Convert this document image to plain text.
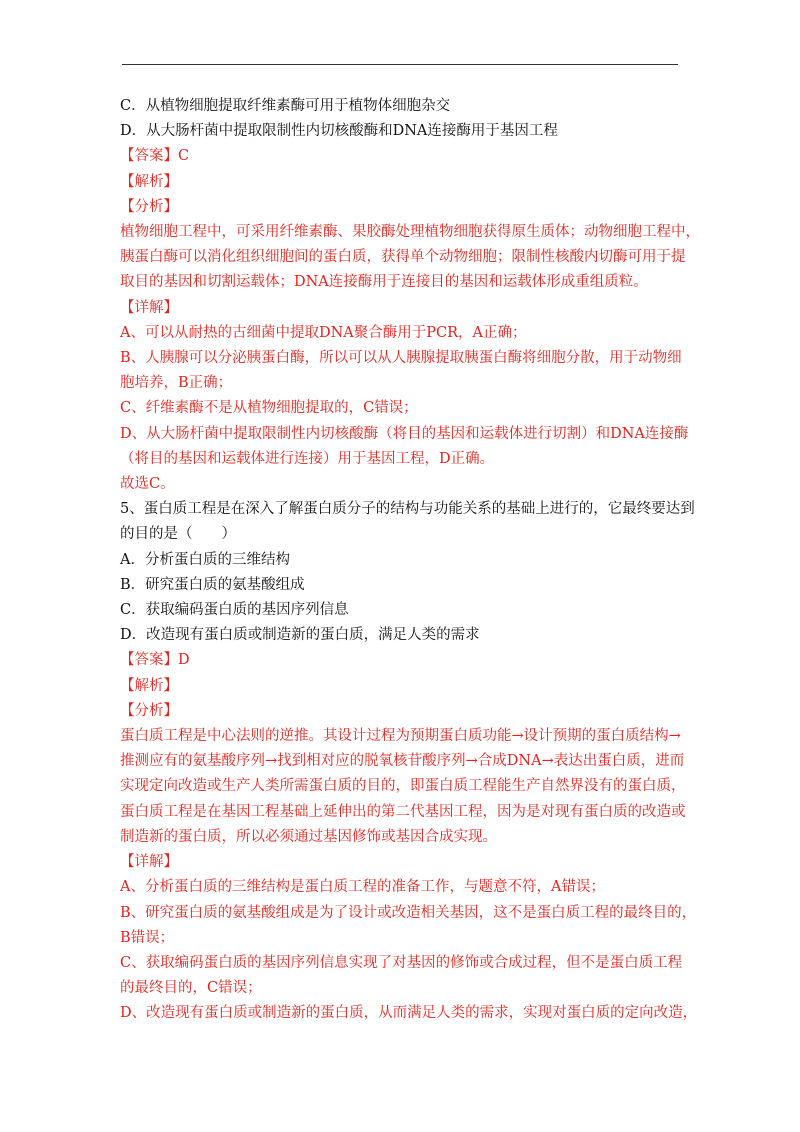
C．从植物细胞提取纤维素酶可用于植物体细胞杂交
D．从大肠杆菌中提取限制性内切核酸酶和DNA连接酶用于基因工程
【答案】C
【解析】
【分析】
植物细胞工程中，可采用纤维素酶、果胶酶处理植物细胞获得原生质体；动物细胞工程中，
胰蛋白酶可以消化组织细胞间的蛋白质，获得单个动物细胞；限制性核酸内切酶可用于提
取目的基因和切割运载体；DNA连接酶用于连接目的基因和运载体形成重组质粒。
【详解】
A、可以从耐热的古细菌中提取DNA聚合酶用于PCR，A正确；
B、人胰腺可以分泌胰蛋白酶，所以可以从人胰腺提取胰蛋白酶将细胞分散，用于动物细
胞培养，B正确；
C、纤维素酶不是从植物细胞提取的，C错误；
D、从大肠杆菌中提取限制性内切核酸酶（将目的基因和运载体进行切割）和DNA连接酶
（将目的基因和运载体进行连接）用于基因工程，D正确。
故选C。
5、蛋白质工程是在深入了解蛋白质分子的结构与功能关系的基础上进行的，它最终要达到
的目的是（　　）
A．分析蛋白质的三维结构
B．研究蛋白质的氨基酸组成
C．获取编码蛋白质的基因序列信息
D．改造现有蛋白质或制造新的蛋白质，满足人类的需求
【答案】D
【解析】
【分析】
蛋白质工程是中心法则的逆推。其设计过程为预期蛋白质功能→设计预期的蛋白质结构→
推测应有的氨基酸序列→找到相对应的脱氧核苷酸序列→合成DNA→表达出蛋白质，进而
实现定向改造或生产人类所需蛋白质的目的，即蛋白质工程能生产自然界没有的蛋白质，
蛋白质工程是在基因工程基础上延伸出的第二代基因工程，因为是对现有蛋白质的改造或
制造新的蛋白质，所以必须通过基因修饰或基因合成实现。
【详解】
A、分析蛋白质的三维结构是蛋白质工程的准备工作，与题意不符，A错误；
B、研究蛋白质的氨基酸组成是为了设计或改造相关基因，这不是蛋白质工程的最终目的，
B错误；
C、获取编码蛋白质的基因序列信息实现了对基因的修饰或合成过程，但不是蛋白质工程
的最终目的，C错误；
D、改造现有蛋白质或制造新的蛋白质，从而满足人类的需求，实现对蛋白质的定向改造，
